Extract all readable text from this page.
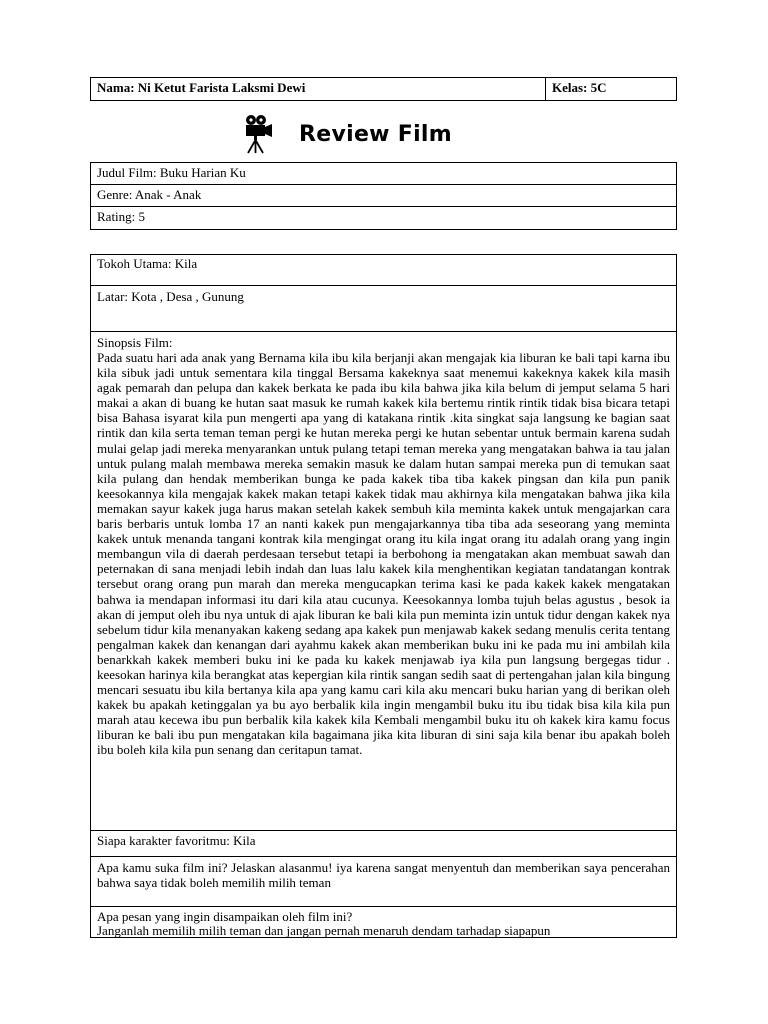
Nama: Ni Ketut Farista Laksmi Dewi	Kelas: 5C
Review Film
Judul Film: Buku Harian Ku
Genre: Anak - Anak
Rating: 5
Tokoh Utama: Kila
Latar: Kota , Desa , Gunung
Sinopsis Film:
Pada suatu hari ada anak yang Bernama kila ibu kila berjanji akan mengajak kia liburan ke bali tapi karna ibu kila sibuk jadi untuk sementara kila tinggal Bersama kakeknya saat menemui kakeknya kakek kila masih agak pemarah dan pelupa dan kakek berkata ke pada ibu kila bahwa jika kila belum di jemput selama 5 hari makai a akan di buang ke hutan saat masuk ke rumah kakek kila bertemu rintik rintik tidak bisa bicara tetapi bisa Bahasa isyarat kila pun mengerti apa yang di katakana rintik .kita singkat saja langsung ke bagian saat rintik dan kila serta teman teman pergi ke hutan mereka pergi ke hutan sebentar untuk bermain karena sudah mulai gelap jadi mereka menyarankan untuk pulang tetapi teman mereka yang mengatakan bahwa ia tau jalan untuk pulang malah membawa mereka semakin masuk ke dalam hutan sampai mereka pun di temukan saat kila pulang dan hendak memberikan bunga ke pada kakek tiba tiba kakek pingsan dan kila pun panik keesokannya kila mengajak kakek makan tetapi kakek tidak mau akhirnya kila mengatakan bahwa jika kila memakan sayur kakek juga harus makan setelah kakek sembuh kila meminta kakek untuk mengajarkan cara baris berbaris untuk lomba 17 an nanti kakek pun mengajarkannya tiba tiba ada seseorang yang meminta kakek untuk menanda tangani kontrak kila mengingat orang itu kila ingat orang itu adalah orang yang ingin membangun vila di daerah perdesaan tersebut tetapi ia berbohong ia mengatakan akan membuat sawah dan peternakan di sana menjadi lebih indah dan luas lalu kakek kila menghentikan kegiatan tandatangan kontrak tersebut orang orang pun marah dan mereka mengucapkan terima kasi ke pada kakek kakek mengatakan bahwa ia mendapan informasi itu dari kila atau cucunya. Keesokannya lomba tujuh belas agustus , besok ia akan di jemput oleh ibu nya untuk di ajak liburan ke bali kila pun meminta izin untuk tidur dengan kakek nya sebelum tidur kila menanyakan kakeng sedang apa kakek pun menjawab kakek sedang menulis cerita tentang pengalman kakek dan kenangan dari ayahmu kakek akan memberikan buku ini ke pada mu ini ambilah kila benarkkah kakek memberi buku ini ke pada ku kakek menjawab iya kila pun langsung bergegas tidur . keesokan harinya kila berangkat atas kepergian kila rintik sangan sedih saat di pertengahan jalan kila bingung mencari sesuatu ibu kila bertanya kila apa yang kamu cari kila aku mencari buku harian yang di berikan oleh kakek bu apakah ketinggalan ya bu ayo berbalik kila ingin mengambil buku itu ibu tidak bisa kila kila pun marah atau kecewa ibu pun berbalik kila kakek kila Kembali mengambil buku itu oh kakek kira kamu focus liburan ke bali ibu pun mengatakan kila bagaimana jika kita liburan di sini saja kila benar ibu apakah boleh ibu boleh kila kila pun senang dan ceritapun tamat.
Siapa karakter favoritmu: Kila
Apa kamu suka film ini? Jelaskan alasanmu! iya karena sangat menyentuh dan memberikan saya pencerahan bahwa saya tidak boleh memilih milih teman
Apa pesan yang ingin disampaikan oleh film ini?
Janganlah memilih milih teman dan jangan pernah menaruh dendam tarhadap siapapun
